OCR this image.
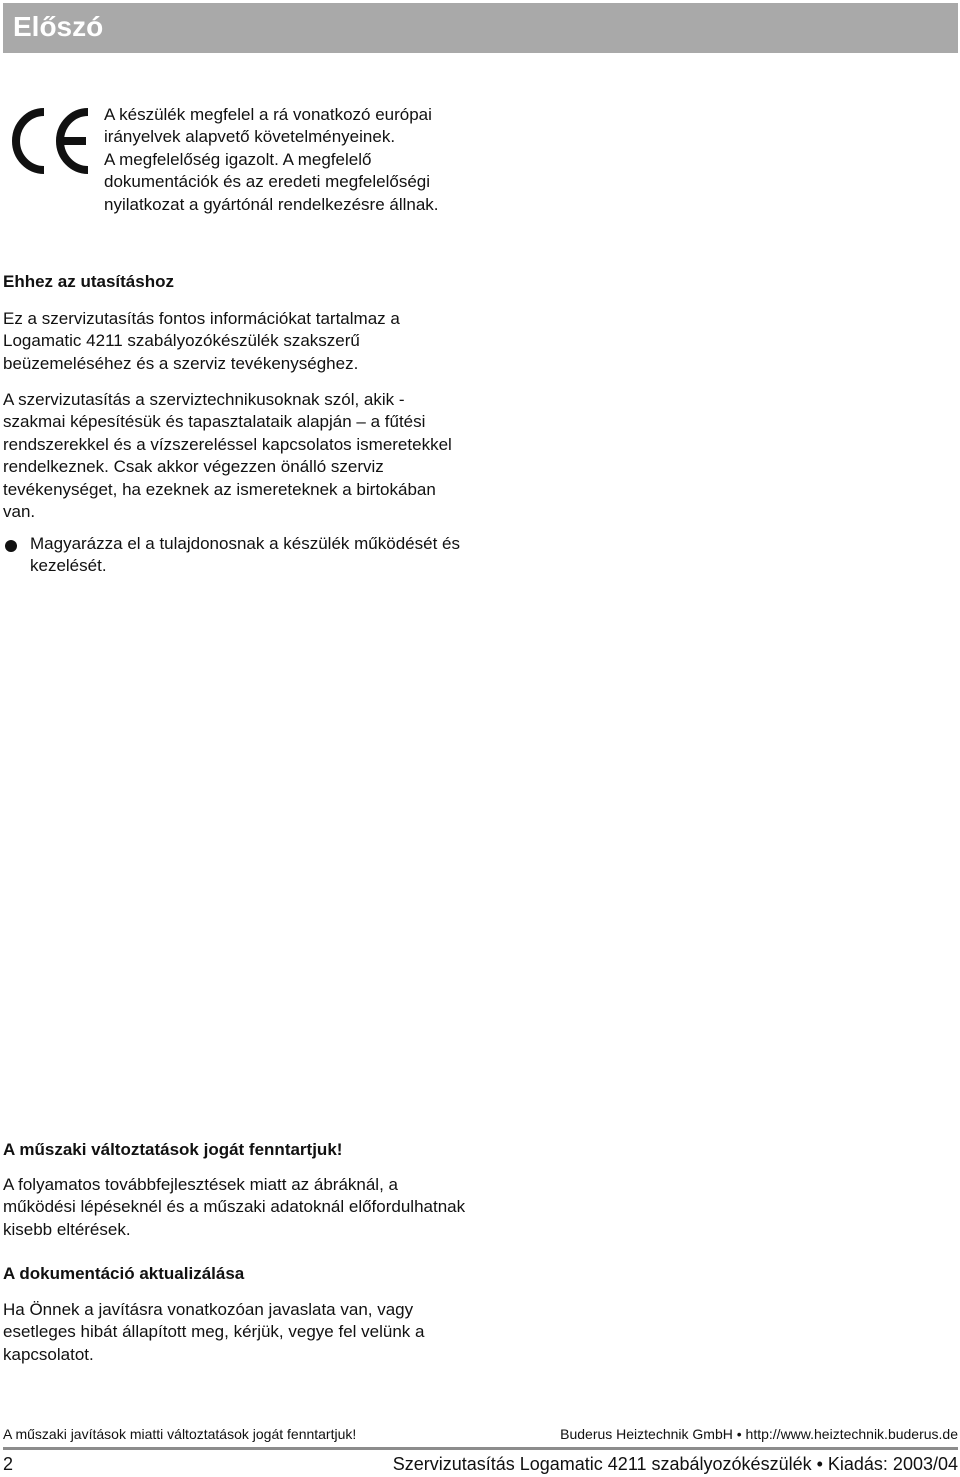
Előszó

A készülék megfelel a rá vonatkozó európai irányelvek alapvető követelményeinek.

A megfelelőség igazolt. A megfelelő dokumentációk és az eredeti megfelelőségi nyilatkozat a gyártónál rendelkezésre állnak.

Ehhez az utasításhoz

Ez a szervizutasítás fontos információkat tartalmaz a Logamatic 4211 szabályozókészülék szakszerű beüzemeléséhez és a szerviz tevékenységhez.

A szervizutasítás a szerviztechnikusoknak szól, akik - szakmai képesítésük és tapasztalataik alapján – a fűtési rendszerekkel és a vízszereléssel kapcsolatos ismeretekkel rendelkeznek. Csak akkor végezzen önálló szerviz tevékenységet, ha ezeknek az ismereteknek a birtokában van.

Magyarázza el a tulajdonosnak a készülék működését és kezelését.

A műszaki változtatások jogát fenntartjuk!

A folyamatos továbbfejlesztések miatt az ábráknál, a működési lépéseknél és a műszaki adatoknál előfordulhatnak kisebb eltérések.

A dokumentáció aktualizálása

Ha Önnek a javításra vonatkozóan javaslata van, vagy esetleges hibát állapított meg, kérjük, vegye fel velünk a kapcsolatot.

A műszaki javítások miatti változtatások jogát fenntartjuk!	Buderus Heiztechnik GmbH • http://www.heiztechnik.buderus.de
2	Szervizutasítás Logamatic 4211 szabályozókészülék • Kiadás: 2003/04
